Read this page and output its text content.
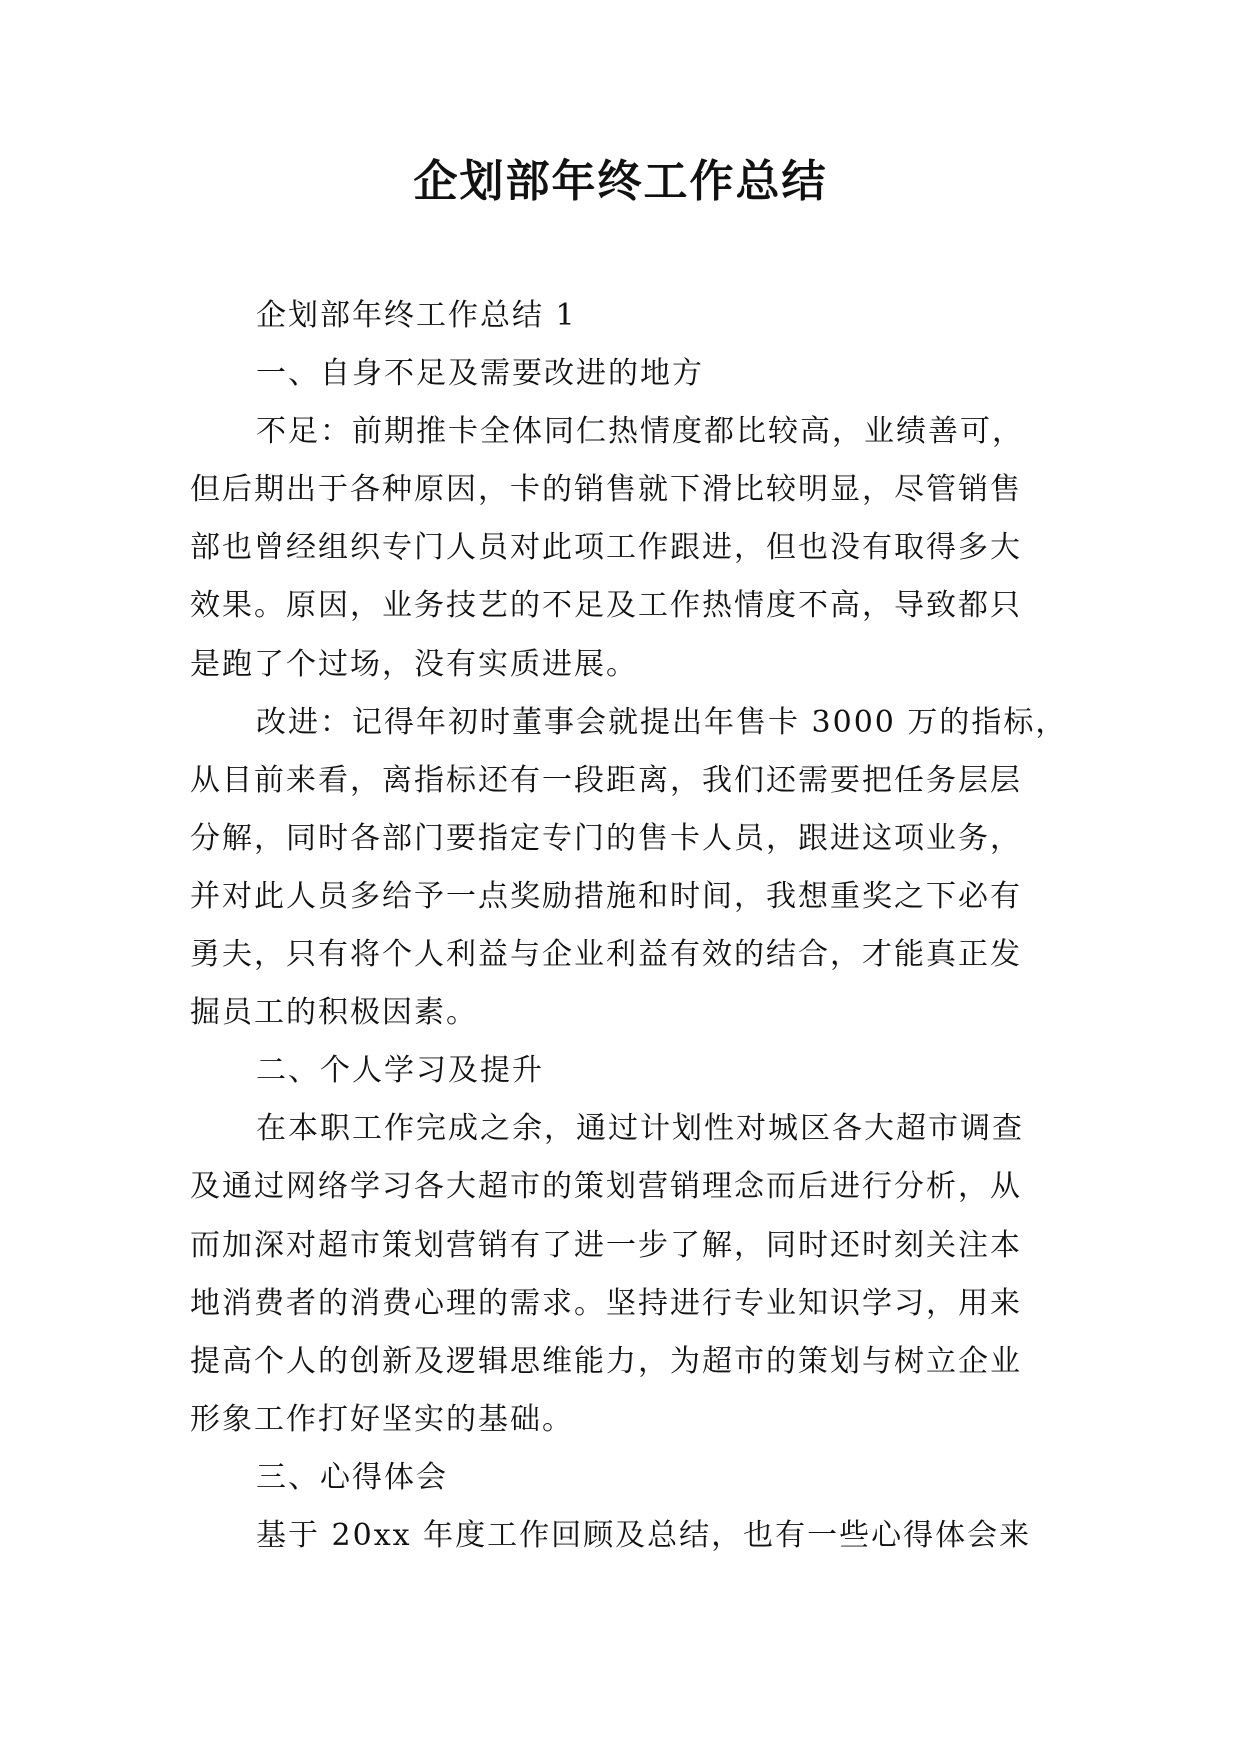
企划部年终工作总结
企划部年终工作总结 1
一、自身不足及需要改进的地方
不足：前期推卡全体同仁热情度都比较高，业绩善可，
但后期出于各种原因，卡的销售就下滑比较明显，尽管销售
部也曾经组织专门人员对此项工作跟进，但也没有取得多大
效果。原因，业务技艺的不足及工作热情度不高，导致都只
是跑了个过场，没有实质进展。
改进：记得年初时董事会就提出年售卡 3000 万的指标，
从目前来看，离指标还有一段距离，我们还需要把任务层层
分解，同时各部门要指定专门的售卡人员，跟进这项业务，
并对此人员多给予一点奖励措施和时间，我想重奖之下必有
勇夫，只有将个人利益与企业利益有效的结合，才能真正发
掘员工的积极因素。
二、个人学习及提升
在本职工作完成之余，通过计划性对城区各大超市调查
及通过网络学习各大超市的策划营销理念而后进行分析，从
而加深对超市策划营销有了进一步了解，同时还时刻关注本
地消费者的消费心理的需求。坚持进行专业知识学习，用来
提高个人的创新及逻辑思维能力，为超市的策划与树立企业
形象工作打好坚实的基础。
三、心得体会
基于 20xx 年度工作回顾及总结，也有一些心得体会来
